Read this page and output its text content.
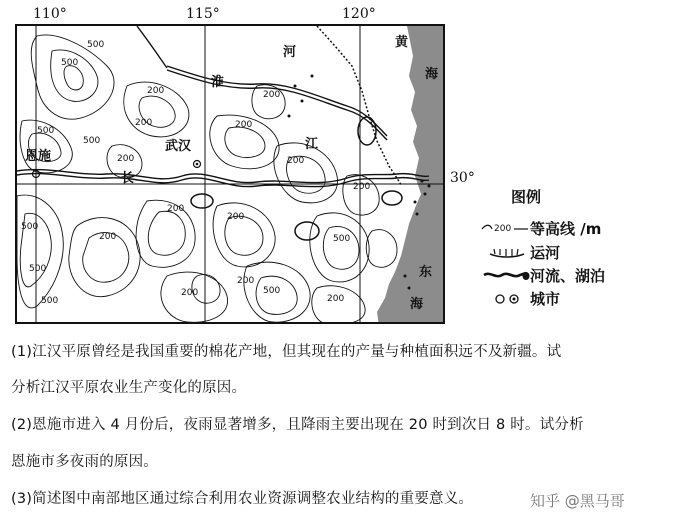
110°	115°	120°
30°
黄
海
河
淮
武汉
恩施
长
江
东
海
500
500
200
500
500
200	200
200
200
500
500
200
200
200
500
200
200	500
200
200
200
500
图例
200 等高线 /m
运河
河流、湖泊
城市
(1)江汉平原曾经是我国重要的棉花产地，但其现在的产量与种植面积远不及新疆。试
分析江汉平原农业生产变化的原因。
(2)恩施市进入 4 月份后，夜雨显著增多，且降雨主要出现在 20 时到次日 8 时。试分析
恩施市多夜雨的原因。
(3)简述图中南部地区通过综合利用农业资源调整农业结构的重要意义。	知乎 @黑马哥
